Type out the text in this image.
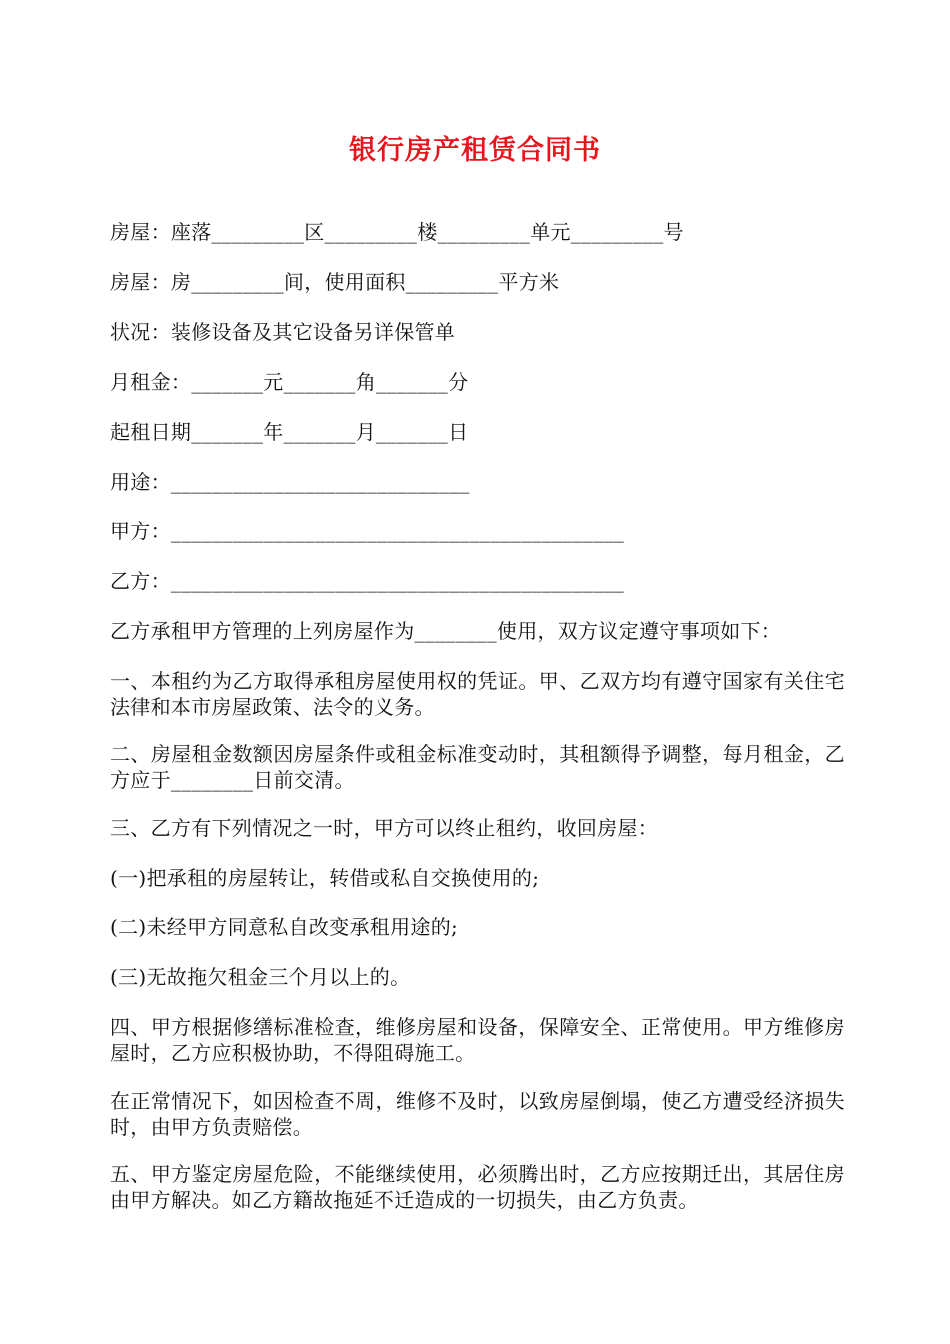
银行房产租赁合同书
房屋：座落_________区_________楼_________单元_________号
房屋：房_________间，使用面积_________平方米
状况：装修设备及其它设备另详保管单
月租金：_______元_______角_______分
起租日期_______年_______月_______日
用途：_____________________________
甲方：____________________________________________
乙方：____________________________________________
乙方承租甲方管理的上列房屋作为________使用，双方议定遵守事项如下：
一、本租约为乙方取得承租房屋使用权的凭证。甲、乙双方均有遵守国家有关住宅法律和本市房屋政策、法令的义务。
二、房屋租金数额因房屋条件或租金标准变动时，其租额得予调整，每月租金，乙方应于________日前交清。
三、乙方有下列情况之一时，甲方可以终止租约，收回房屋：
(一)把承租的房屋转让，转借或私自交换使用的;
(二)未经甲方同意私自改变承租用途的;
(三)无故拖欠租金三个月以上的。
四、甲方根据修缮标准检查，维修房屋和设备，保障安全、正常使用。甲方维修房屋时，乙方应积极协助，不得阻碍施工。
在正常情况下，如因检查不周，维修不及时，以致房屋倒塌，使乙方遭受经济损失时，由甲方负责赔偿。
五、甲方鉴定房屋危险，不能继续使用，必须腾出时，乙方应按期迁出，其居住房由甲方解决。如乙方籍故拖延不迁造成的一切损失，由乙方负责。
